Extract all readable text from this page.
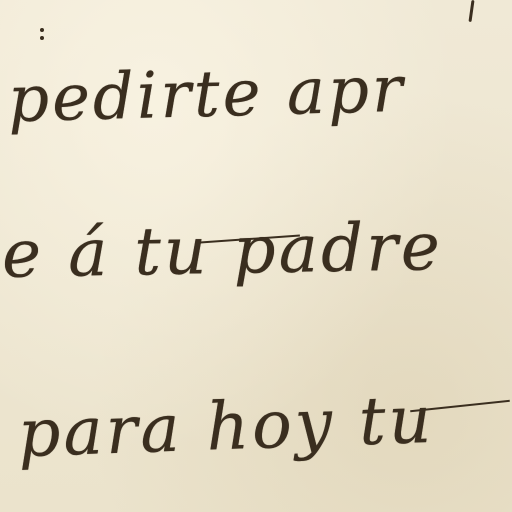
pedirte apr

e á tu padre

para hoy tu
